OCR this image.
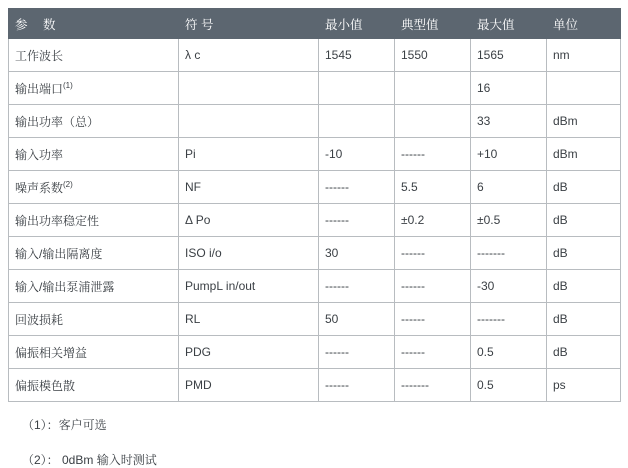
参 数	符 号	最小值	典型值	最大值	单位
工作波长	λ c	1545	1550	1565	nm
输出端口$^{(1)}$				16	
输出功率（总）				33	dBm
输入功率	Pi	-10	------	+10	dBm
噪声系数$^{(2)}$	NF	------	5.5	6	dB
输出功率稳定性	Δ Po	------	±0.2	±0.5	dB
输入/输出隔离度	ISO i/o	30	------	-------	dB
输入/输出泵浦泄露	PumpL in/out	------	------	-30	dB
回波损耗	RL	50	------	-------	dB
偏振相关增益	PDG	------	------	0.5	dB
偏振模色散	PMD	------	-------	0.5	ps
（1）：客户可选
（2）： 0dBm 输入时测试
